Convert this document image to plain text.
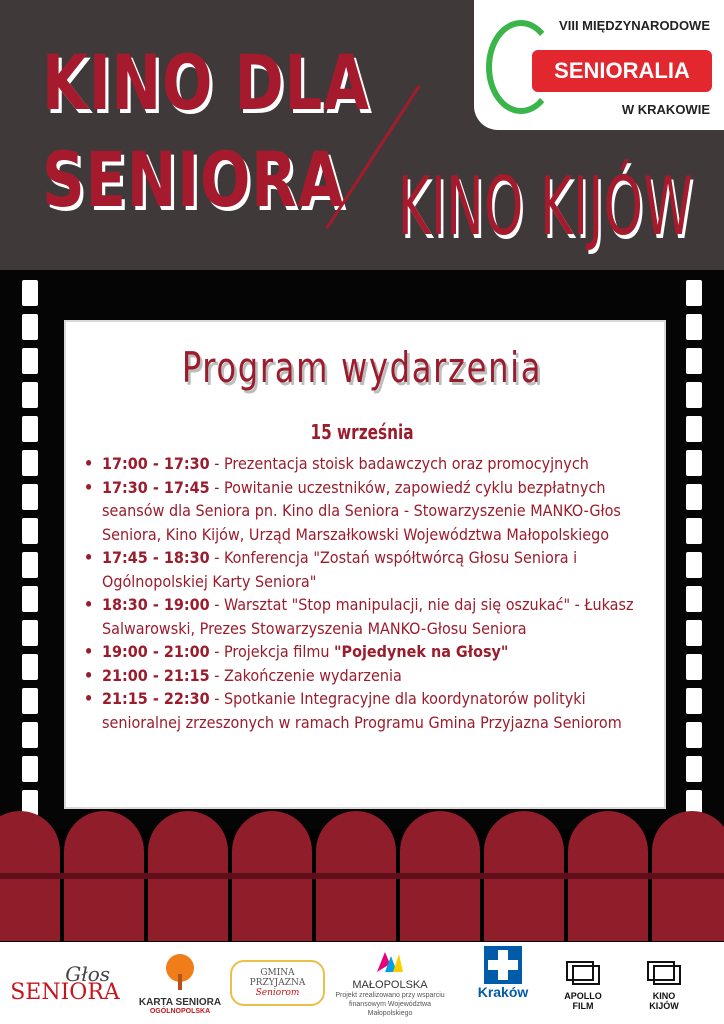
KINO DLA
SENIORA KINO KIJÓW
VIII MIĘDZYNARODOWE
SENIORALIA
W KRAKOWIE
Program wydarzenia
15 września
• 17:00 - 17:30 - Prezentacja stoisk badawczych oraz promocyjnych
• 17:30 - 17:45 - Powitanie uczestników, zapowiedź cyklu bezpłatnych seansów dla Seniora pn. Kino dla Seniora - Stowarzyszenie MANKO-Głos Seniora, Kino Kijów, Urząd Marszałkowski Województwa Małopolskiego
• 17:45 - 18:30 - Konferencja "Zostań współtwórcą Głosu Seniora i Ogólnopolskiej Karty Seniora"
• 18:30 - 19:00 - Warsztat "Stop manipulacji, nie daj się oszukać" - Łukasz Salwarowski, Prezes Stowarzyszenia MANKO-Głosu Seniora
• 19:00 - 21:00 - Projekcja filmu "Pojedynek na Głosy"
• 21:00 - 21:15 - Zakończenie wydarzenia
• 21:15 - 22:30 - Spotkanie Integracyjne dla koordynatorów polityki senioralnej zrzeszonych w ramach Programu Gmina Przyjazna Seniorom
Głos
SENIORA	KARTA SENIORA
OGÓLNOPOLSKA
GMINA PRZYJAZNA
Seniorom
MAŁOPOLSKA
Projekt zrealizowano przy wsparciu finansowym Województwa Małopolskiego
Kraków	APOLLO
FILM
KINO
KIJÓW
